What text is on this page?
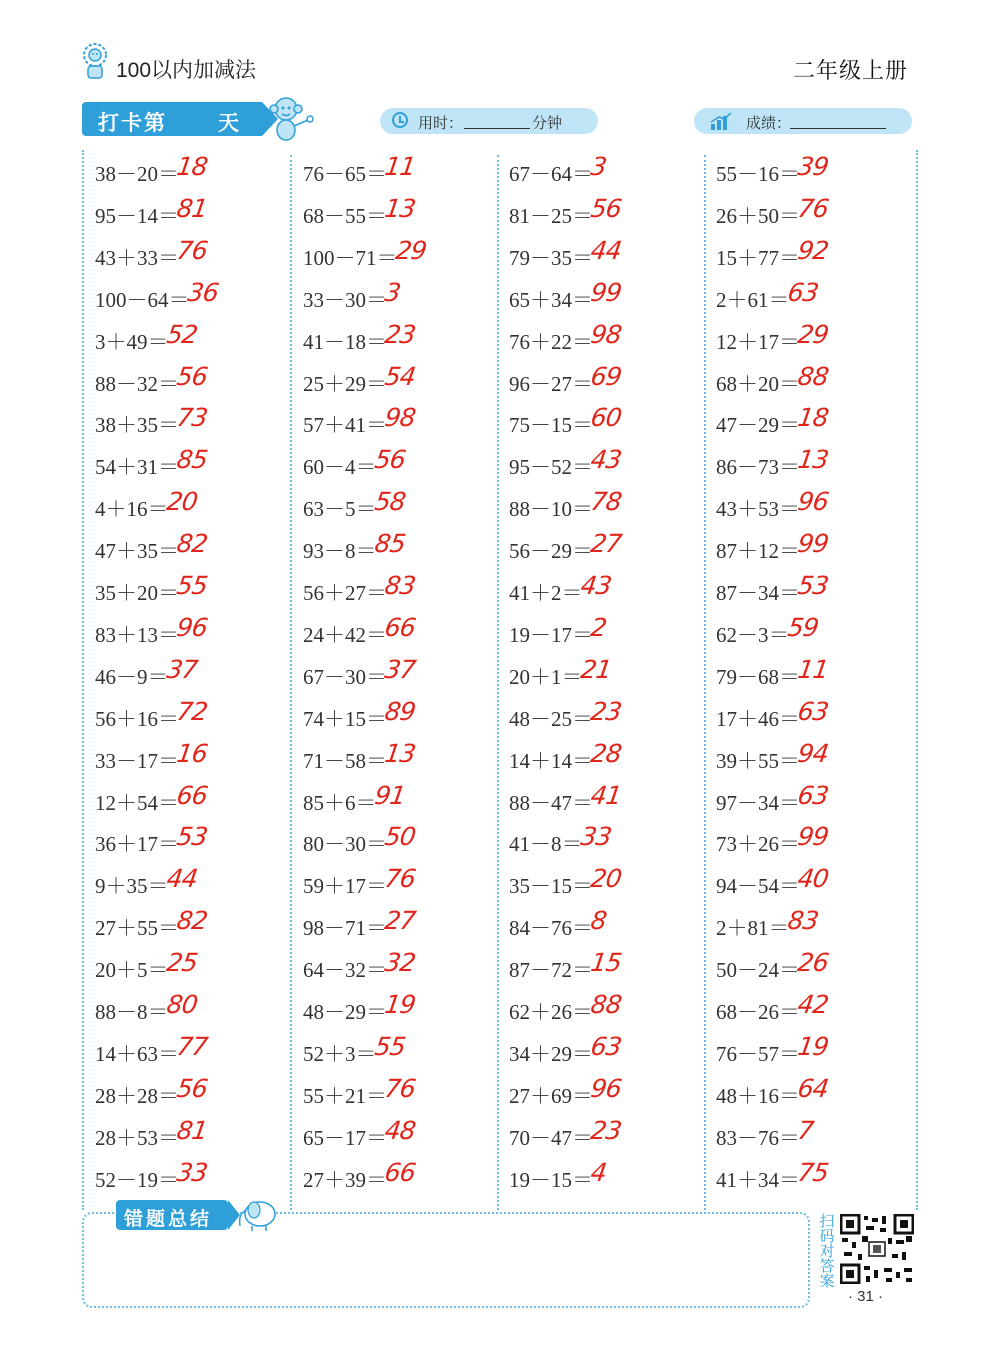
100以内加减法	二年级上册
打卡第 天	用时：	分钟	成绩：
38－20＝
18
95－14＝
81
43＋33＝
76
100－64＝
36
3＋49＝
52
88－32＝
56
38＋35＝
73
54＋31＝
85
4＋16＝
20
47＋35＝
82
35＋20＝
55
83＋13＝
96
46－9＝
37
56＋16＝
72
33－17＝
16
12＋54＝
66
36＋17＝
53
9＋35＝
44
27＋55＝
82
20＋5＝
25
88－8＝
80
14＋63＝
77
28＋28＝
56
28＋53＝
81
52－19＝
33
76－65＝
11
68－55＝
13
100－71＝
29
33－30＝
3
41－18＝
23
25＋29＝
54
57＋41＝
98
60－4＝
56
63－5＝
58
93－8＝
85
56＋27＝
83
24＋42＝
66
67－30＝
37
74＋15＝
89
71－58＝
13
85＋6＝
91
80－30＝
50
59＋17＝
76
98－71＝
27
64－32＝
32
48－29＝
19
52＋3＝
55
55＋21＝
76
65－17＝
48
27＋39＝
66
67－64＝
3
81－25＝
56
79－35＝
44
65＋34＝
99
76＋22＝
98
96－27＝
69
75－15＝
60
95－52＝
43
88－10＝
78
56－29＝
27
41＋2＝
43
19－17＝
2
20＋1＝
21
48－25＝
23
14＋14＝
28
88－47＝
41
41－8＝
33
35－15＝
20
84－76＝
8
87－72＝
15
62＋26＝
88
34＋29＝
63
27＋69＝
96
70－47＝
23
19－15＝
4
55－16＝
39
26＋50＝
76
15＋77＝
92
2＋61＝
63
12＋17＝
29
68＋20＝
88
47－29＝
18
86－73＝
13
43＋53＝
96
87＋12＝
99
87－34＝
53
62－3＝
59
79－68＝
11
17＋46＝
63
39＋55＝
94
97－34＝
63
73＋26＝
99
94－54＝
40
2＋81＝
83
50－24＝
26
68－26＝
42
76－57＝
19
48＋16＝
64
83－76＝
7
41＋34＝
75
错题总结	扫码对答案
· 31 ·
